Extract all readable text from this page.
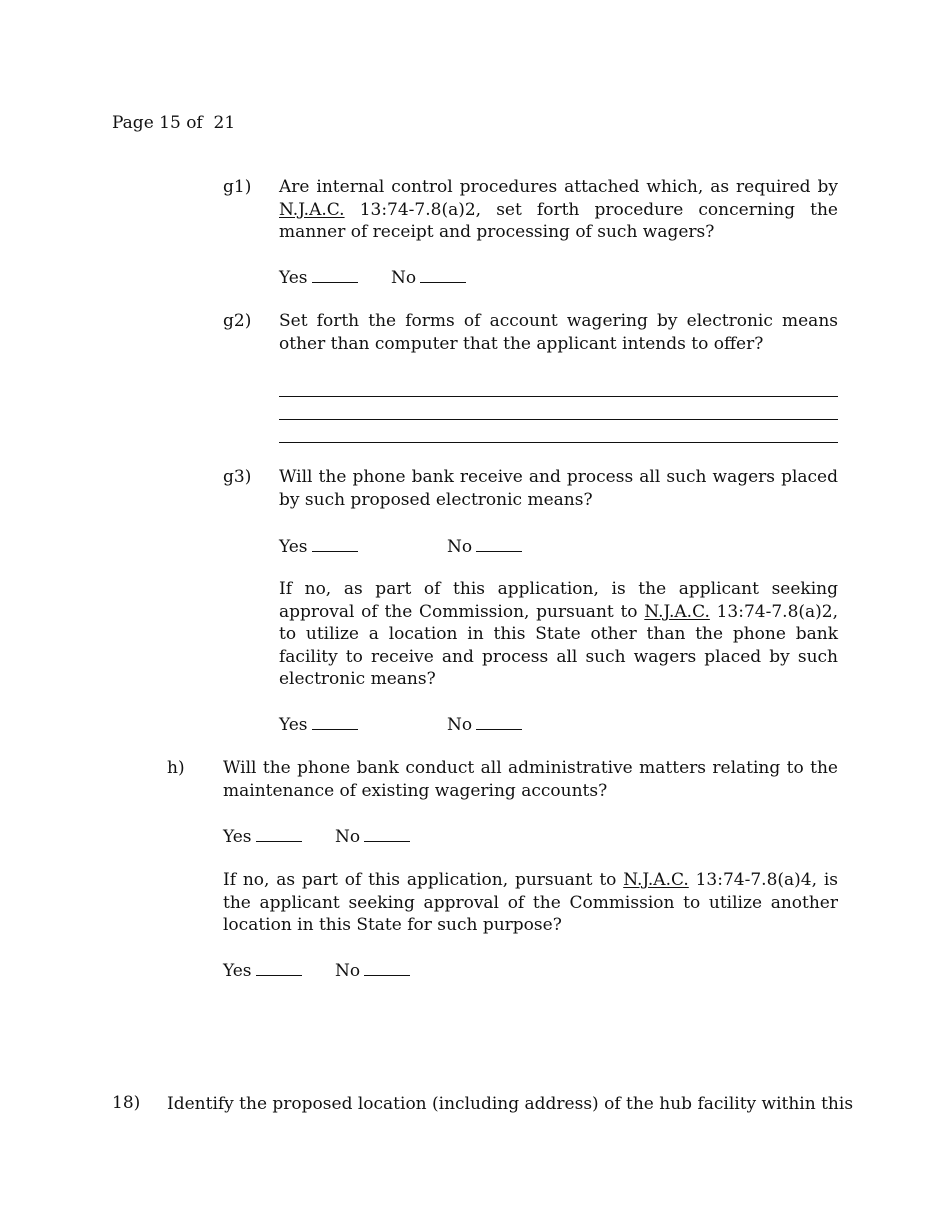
Page 15 of  21
g1) Are internal control procedures attached which, as required by N.J.A.C. 13:74-7.8(a)2, set forth procedure concerning the manner of receipt and processing of such wagers?
Yes	No
g2) Set forth the forms of account wagering by electronic means other than computer that the applicant intends to offer?
g3) Will the phone bank receive and process all such wagers placed by such proposed electronic means?
Yes	No
If no, as part of this application, is the applicant seeking approval of the Commission, pursuant to N.J.A.C. 13:74-7.8(a)2, to utilize a location in this State other than the phone bank facility to receive and process all such wagers placed by such electronic means?
Yes	No
h) Will the phone bank conduct all administrative matters relating to the maintenance of existing wagering accounts?
Yes	No
If no, as part of this application, pursuant to N.J.A.C. 13:74-7.8(a)4, is the applicant seeking approval of the Commission to utilize another location in this State for such purpose?
Yes	No
18) Identify the proposed location (including address) of the hub facility within this
